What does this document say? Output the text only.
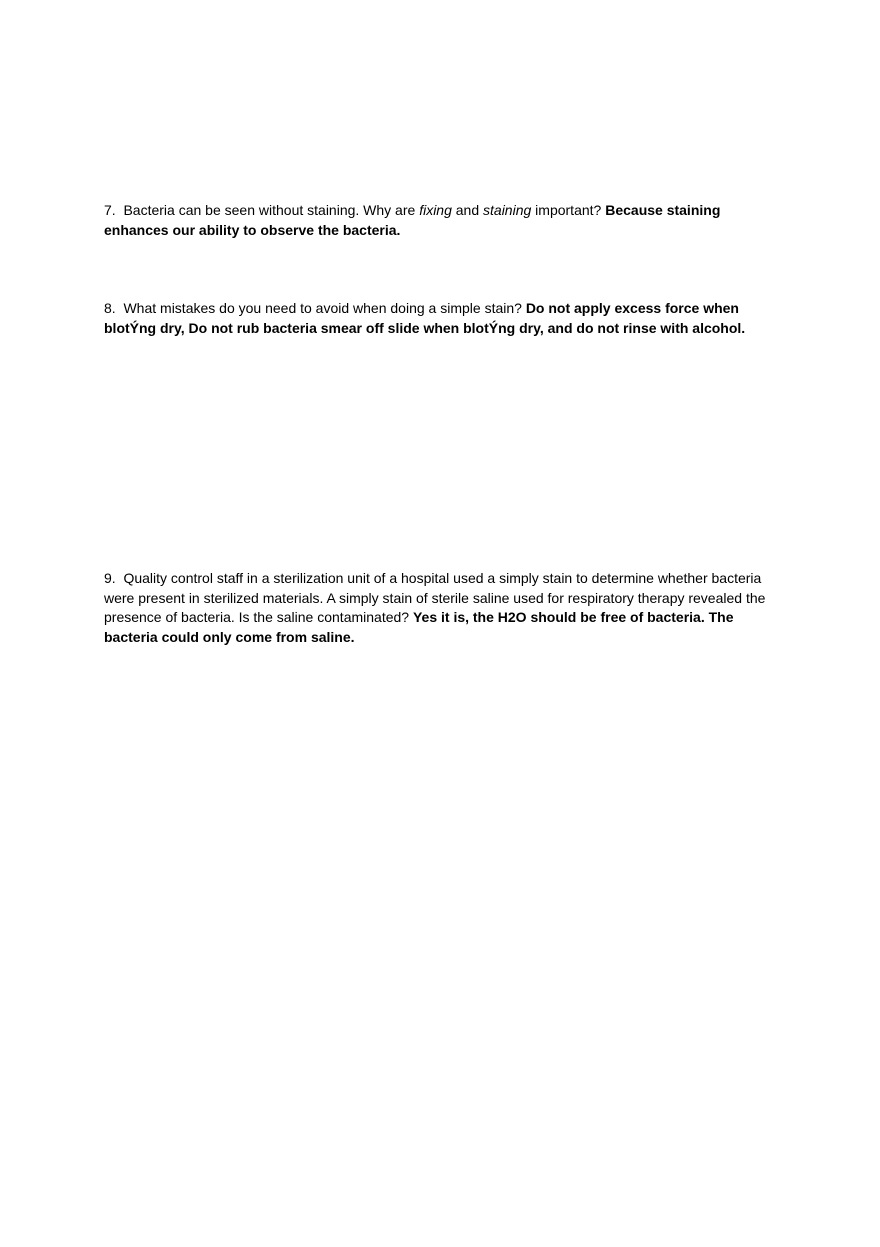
7. Bacteria can be seen without staining. Why are fixing and staining important? Because staining enhances our ability to observe the bacteria.

8. What mistakes do you need to avoid when doing a simple stain? Do not apply excess force when blotÝng dry, Do not rub bacteria smear off slide when blotÝng dry, and do not rinse with alcohol.

9. Quality control staff in a sterilization unit of a hospital used a simply stain to determine whether bacteria were present in sterilized materials. A simply stain of sterile saline used for respiratory therapy revealed the presence of bacteria. Is the saline contaminated? Yes it is, the H2O should be free of bacteria. The bacteria could only come from saline.
